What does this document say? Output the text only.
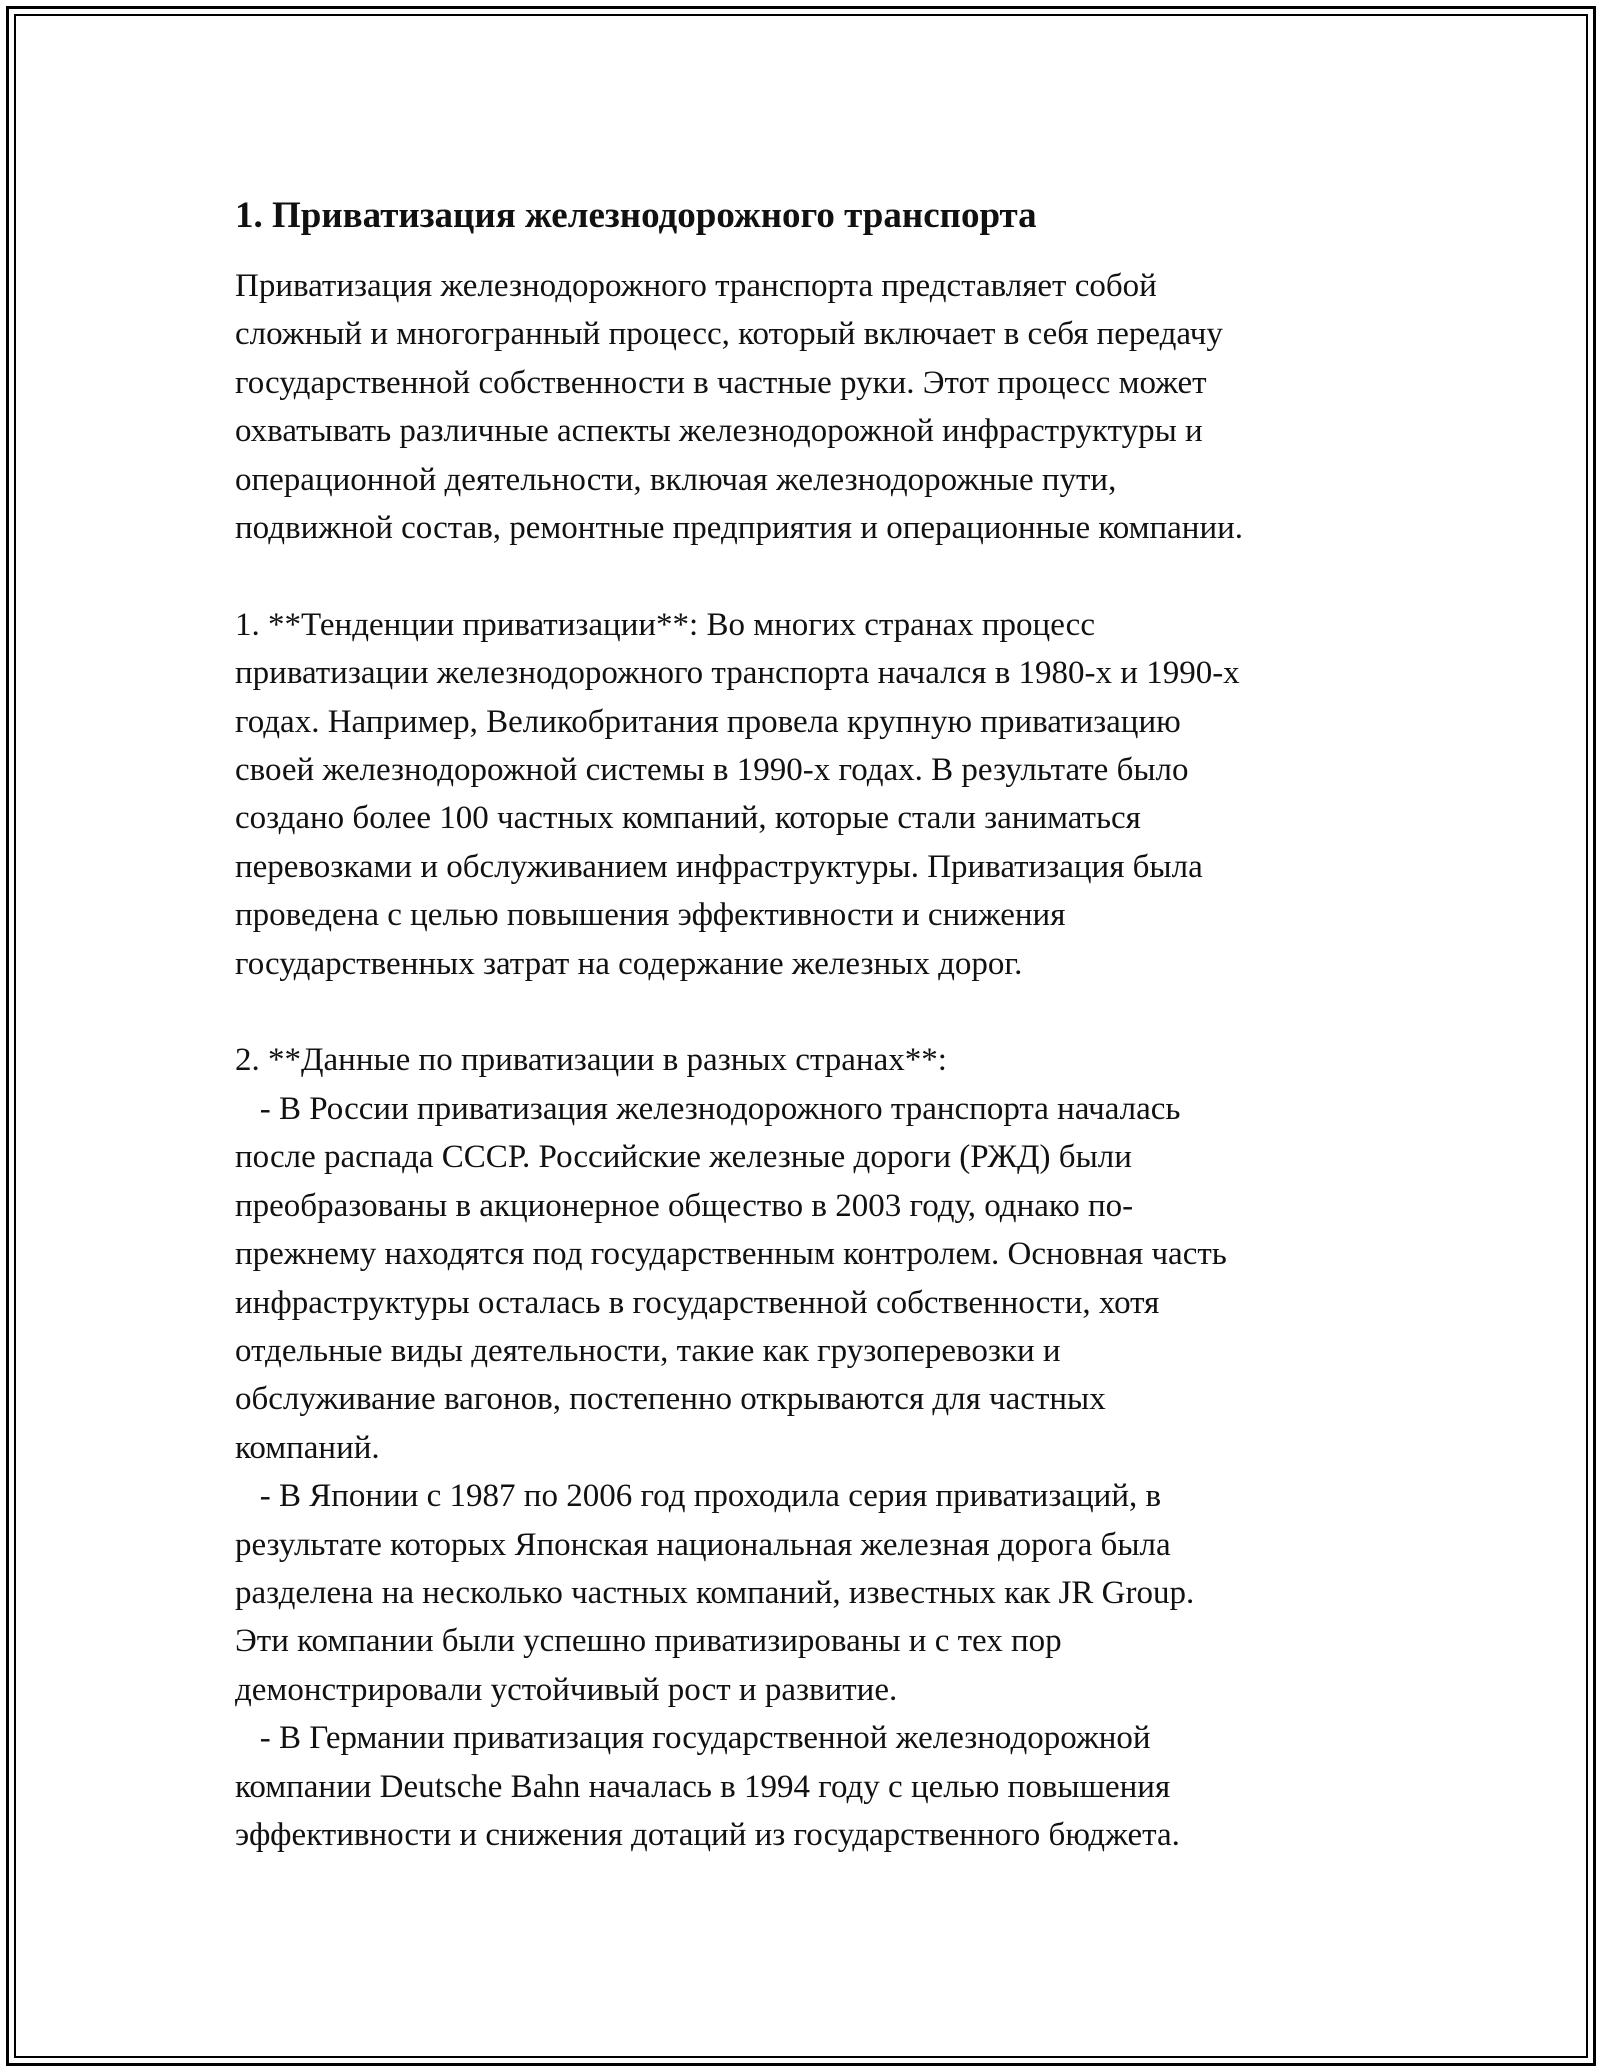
1. Приватизация железнодорожного транспорта
Приватизация железнодорожного транспорта представляет собой
сложный и многогранный процесс, который включает в себя передачу
государственной собственности в частные руки. Этот процесс может
охватывать различные аспекты железнодорожной инфраструктуры и
операционной деятельности, включая железнодорожные пути,
подвижной состав, ремонтные предприятия и операционные компании.
1. **Тенденции приватизации**: Во многих странах процесс
приватизации железнодорожного транспорта начался в 1980-х и 1990-х
годах. Например, Великобритания провела крупную приватизацию
своей железнодорожной системы в 1990-х годах. В результате было
создано более 100 частных компаний, которые стали заниматься
перевозками и обслуживанием инфраструктуры. Приватизация была
проведена с целью повышения эффективности и снижения
государственных затрат на содержание железных дорог.
2. **Данные по приватизации в разных странах**:
- В России приватизация железнодорожного транспорта началась
после распада СССР. Российские железные дороги (РЖД) были
преобразованы в акционерное общество в 2003 году, однако по-
прежнему находятся под государственным контролем. Основная часть
инфраструктуры осталась в государственной собственности, хотя
отдельные виды деятельности, такие как грузоперевозки и
обслуживание вагонов, постепенно открываются для частных
компаний.
- В Японии с 1987 по 2006 год проходила серия приватизаций, в
результате которых Японская национальная железная дорога была
разделена на несколько частных компаний, известных как JR Group.
Эти компании были успешно приватизированы и с тех пор
демонстрировали устойчивый рост и развитие.
- В Германии приватизация государственной железнодорожной
компании Deutsche Bahn началась в 1994 году с целью повышения
эффективности и снижения дотаций из государственного бюджета.
